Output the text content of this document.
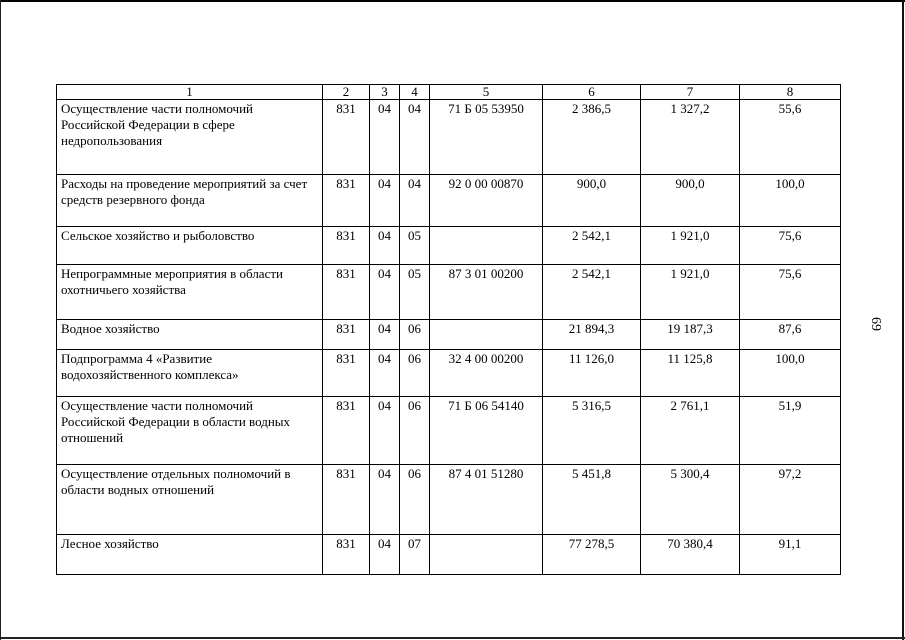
1	2	3	4	5	6	7	8
Осуществление части полномочий Российской Федерации в сфере недропользования	831	04	04	71 Б 05 53950	2 386,5	1 327,2	55,6
Расходы на проведение мероприятий за счет средств резервного фонда	831	04	04	92 0 00 00870	900,0	900,0	100,0
Сельское хозяйство и рыболовство	831	04	05		2 542,1	1 921,0	75,6
Непрограммные мероприятия в области охотничьего хозяйства	831	04	05	87 3 01 00200	2 542,1	1 921,0	75,6
Водное хозяйство	831	04	06		21 894,3	19 187,3	87,6
Подпрограмма 4 «Развитие водохозяйственного комплекса»	831	04	06	32 4 00 00200	11 126,0	11 125,8	100,0
Осуществление части полномочий Российской Федерации в области водных отношений	831	04	06	71 Б 06 54140	5 316,5	2 761,1	51,9
Осуществление отдельных полномочий в области водных отношений	831	04	06	87 4 01 51280	5 451,8	5 300,4	97,2
Лесное хозяйство	831	04	07		77 278,5	70 380,4	91,1
69
